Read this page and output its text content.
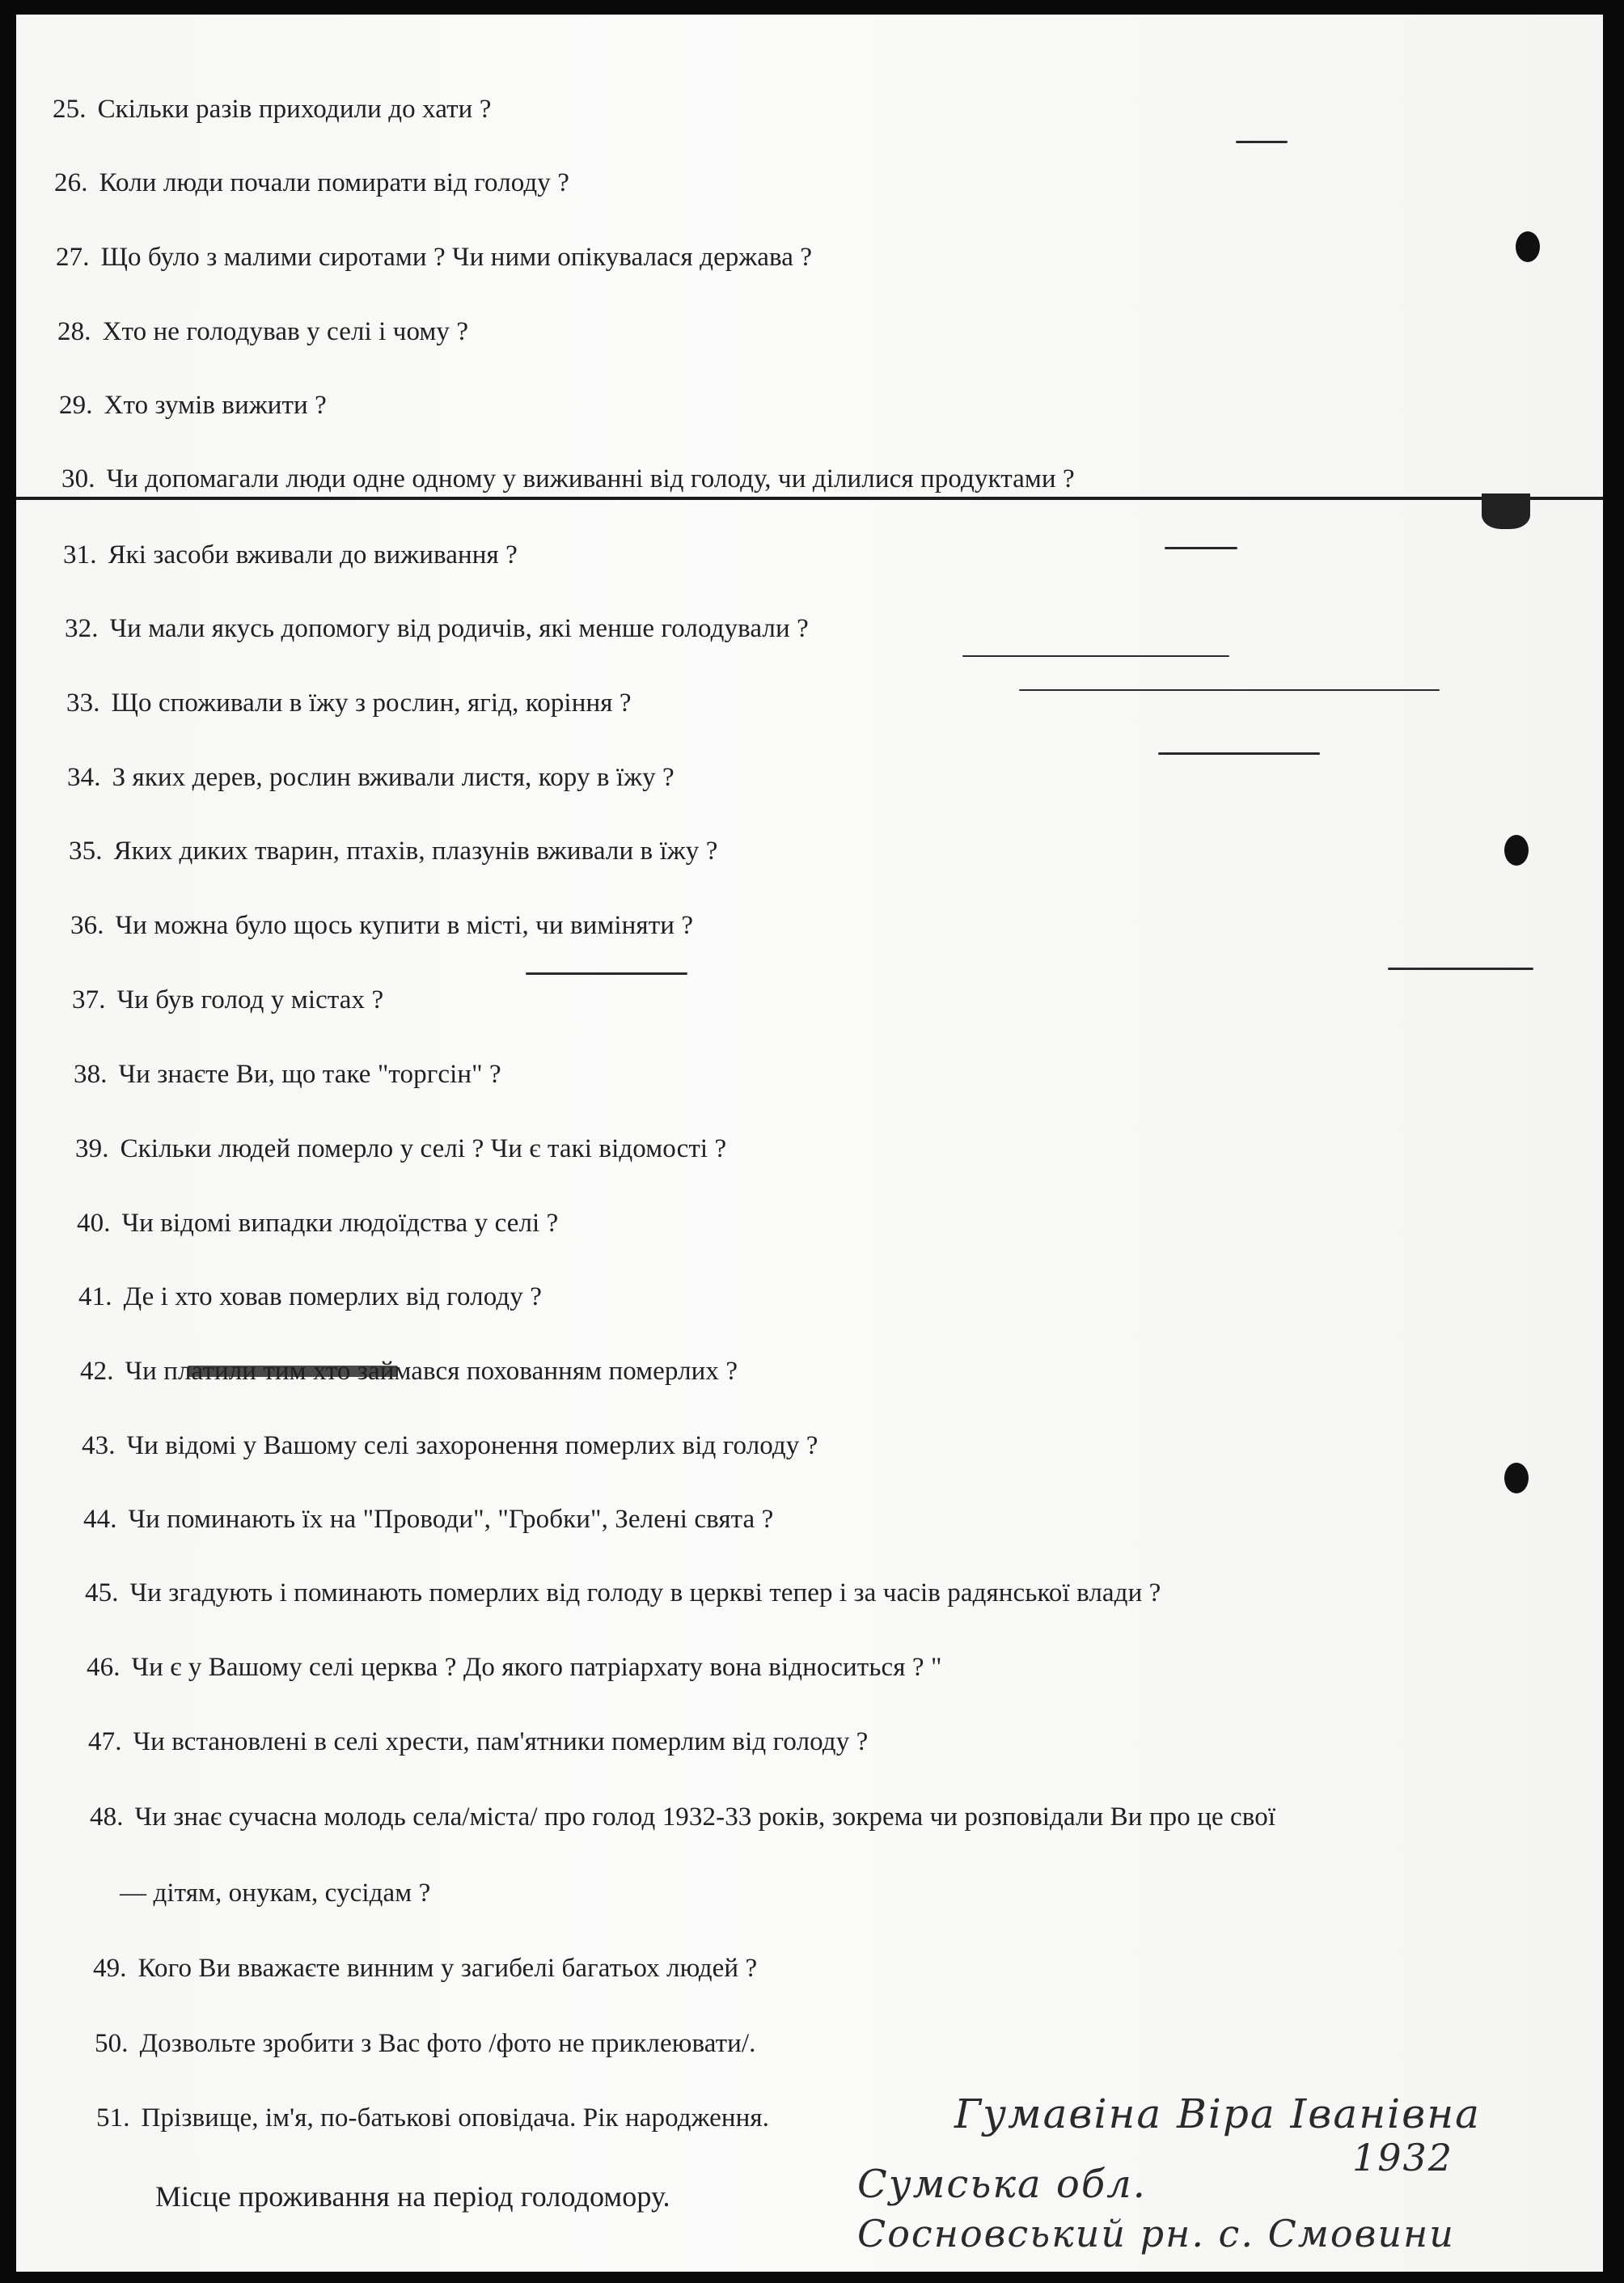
25. Скільки разів приходили до хати ?
26. Коли люди почали помирати від голоду ?
27. Що було з малими сиротами ? Чи ними опікувалася держава ?
28. Хто не голодував у селі і чому ?
29. Хто зумів вижити ?
30. Чи допомагали люди одне одному у виживанні від голоду, чи ділилися продуктами ?
31. Які засоби вживали до виживання ?
32. Чи мали якусь допомогу від родичів, які менше голодували ?
33. Що споживали в їжу з рослин, ягід, коріння ?
34. З яких дерев, рослин вживали листя, кору в їжу ?
35. Яких диких тварин, птахів, плазунів вживали в їжу ?
36. Чи можна було щось купити в місті, чи виміняти ?
37. Чи був голод у містах ?
38. Чи знаєте Ви, що таке "торгсін" ?
39. Скільки людей померло у селі ? Чи є такі відомості ?
40. Чи відомі випадки людоїдства у селі ?
41. Де і хто ховав померлих від голоду ?
42. Чи платили тим хто займався похованням померлих ?
43. Чи відомі у Вашому селі захоронення померлих від голоду ?
44. Чи поминають їх на "Проводи", "Гробки", Зелені свята ?
45. Чи згадують і поминають померлих від голоду в церкві тепер і за часів радянської влади ?
46. Чи є у Вашому селі церква ? До якого патріархату вона відноситься ? "
47. Чи встановлені в селі хрести, пам'ятники померлим від голоду ?
48. Чи знає сучасна молодь села/міста/ про голод 1932-33 років, зокрема чи розповідали Ви про це свої
— дітям, онукам, сусідам ?
49. Кого Ви вважаєте винним у загибелі багатьох людей ?
50. Дозвольте зробити з Вас фото /фото не приклеювати/.
51. Прізвище, ім'я, по-батькові оповідача. Рік народження.
Місце проживання на період голодомору.
Гумавіна Віра Іванівна
1932
Сумська обл.
Сосновський рн. с. Смовини
